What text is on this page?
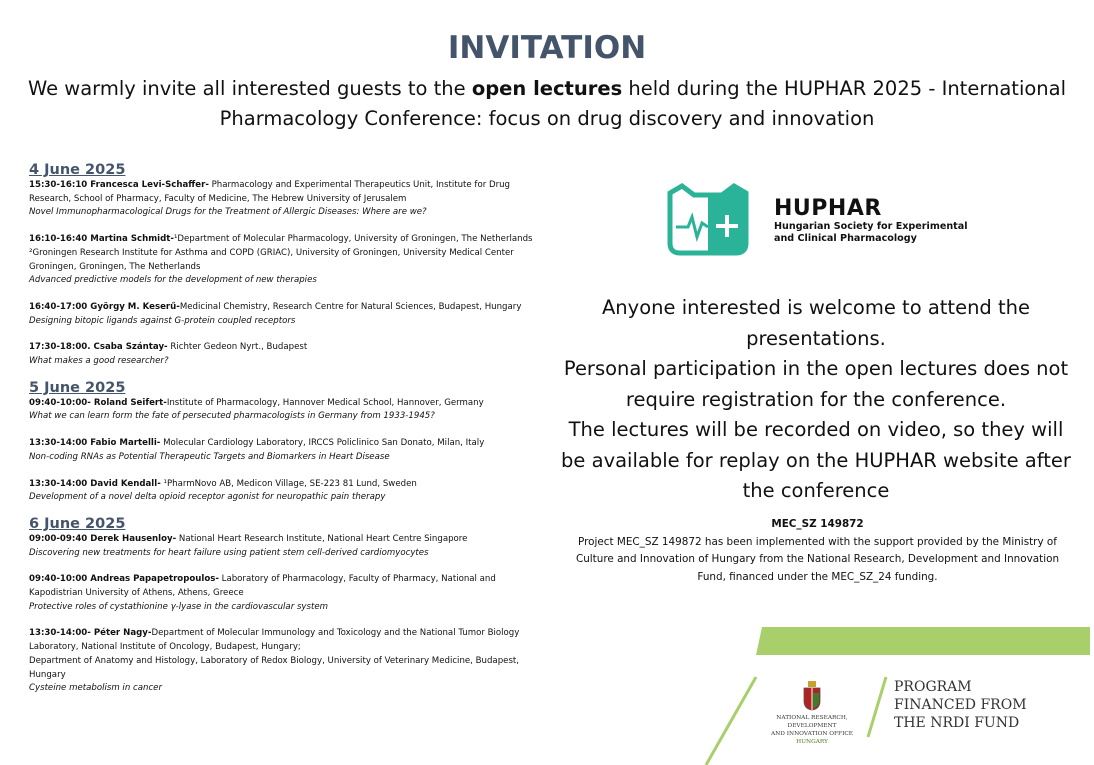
INVITATION
We warmly invite all interested guests to the open lectures held during the HUPHAR 2025 - International Pharmacology Conference: focus on drug discovery and innovation
4 June 2025
15:30-16:10 Francesca Levi-Schaffer- Pharmacology and Experimental Therapeutics Unit, Institute for Drug Research, School of Pharmacy, Faculty of Medicine, The Hebrew University of Jerusalem
Novel Immunopharmacological Drugs for the Treatment of Allergic Diseases: Where are we?
16:10-16:40 Martina Schmidt-¹Department of Molecular Pharmacology, University of Groningen, The Netherlands
²Groningen Research Institute for Asthma and COPD (GRIAC), University of Groningen, University Medical Center Groningen, Groningen, The Netherlands
Advanced predictive models for the development of new therapies
16:40-17:00 György M. Keserű-Medicinal Chemistry, Research Centre for Natural Sciences, Budapest, Hungary
Designing bitopic ligands against G-protein coupled receptors
17:30-18:00. Csaba Szántay- Richter Gedeon Nyrt., Budapest
What makes a good researcher?
5 June 2025
09:40-10:00- Roland Seifert-Institute of Pharmacology, Hannover Medical School, Hannover, Germany
What we can learn form the fate of persecuted pharmacologists in Germany from 1933-1945?
13:30-14:00 Fabio Martelli- Molecular Cardiology Laboratory, IRCCS Policlinico San Donato, Milan, Italy
Non-coding RNAs as Potential Therapeutic Targets and Biomarkers in Heart Disease
13:30-14:00 David Kendall- ¹PharmNovo AB, Medicon Village, SE-223 81 Lund, Sweden
Development of a novel delta opioid receptor agonist for neuropathic pain therapy
6 June 2025
09:00-09:40 Derek Hausenloy- National Heart Research Institute, National Heart Centre Singapore
Discovering new treatments for heart failure using patient stem cell-derived cardiomyocytes
09:40-10:00 Andreas Papapetropoulos- Laboratory of Pharmacology, Faculty of Pharmacy, National and Kapodistrian University of Athens, Athens, Greece
Protective roles of cystathionine γ-lyase in the cardiovascular system
13:30-14:00- Péter Nagy-Department of Molecular Immunology and Toxicology and the National Tumor Biology Laboratory, National Institute of Oncology, Budapest, Hungary;
Department of Anatomy and Histology, Laboratory of Redox Biology, University of Veterinary Medicine, Budapest, Hungary
Cysteine metabolism in cancer
HUPHAR
Hungarian Society for Experimental
and Clinical Pharmacology
Anyone interested is welcome to attend the presentations.
Personal participation in the open lectures does not require registration for the conference.
The lectures will be recorded on video, so they will be available for replay on the HUPHAR website after the conference
MEC_SZ 149872
Project MEC_SZ 149872 has been implemented with the support provided by the Ministry of Culture and Innovation of Hungary from the National Research, Development and Innovation Fund, financed under the MEC_SZ_24 funding.
NATIONAL RESEARCH, DEVELOPMENT
AND INNOVATION OFFICE
HUNGARY
PROGRAM
FINANCED FROM
THE NRDI FUND
